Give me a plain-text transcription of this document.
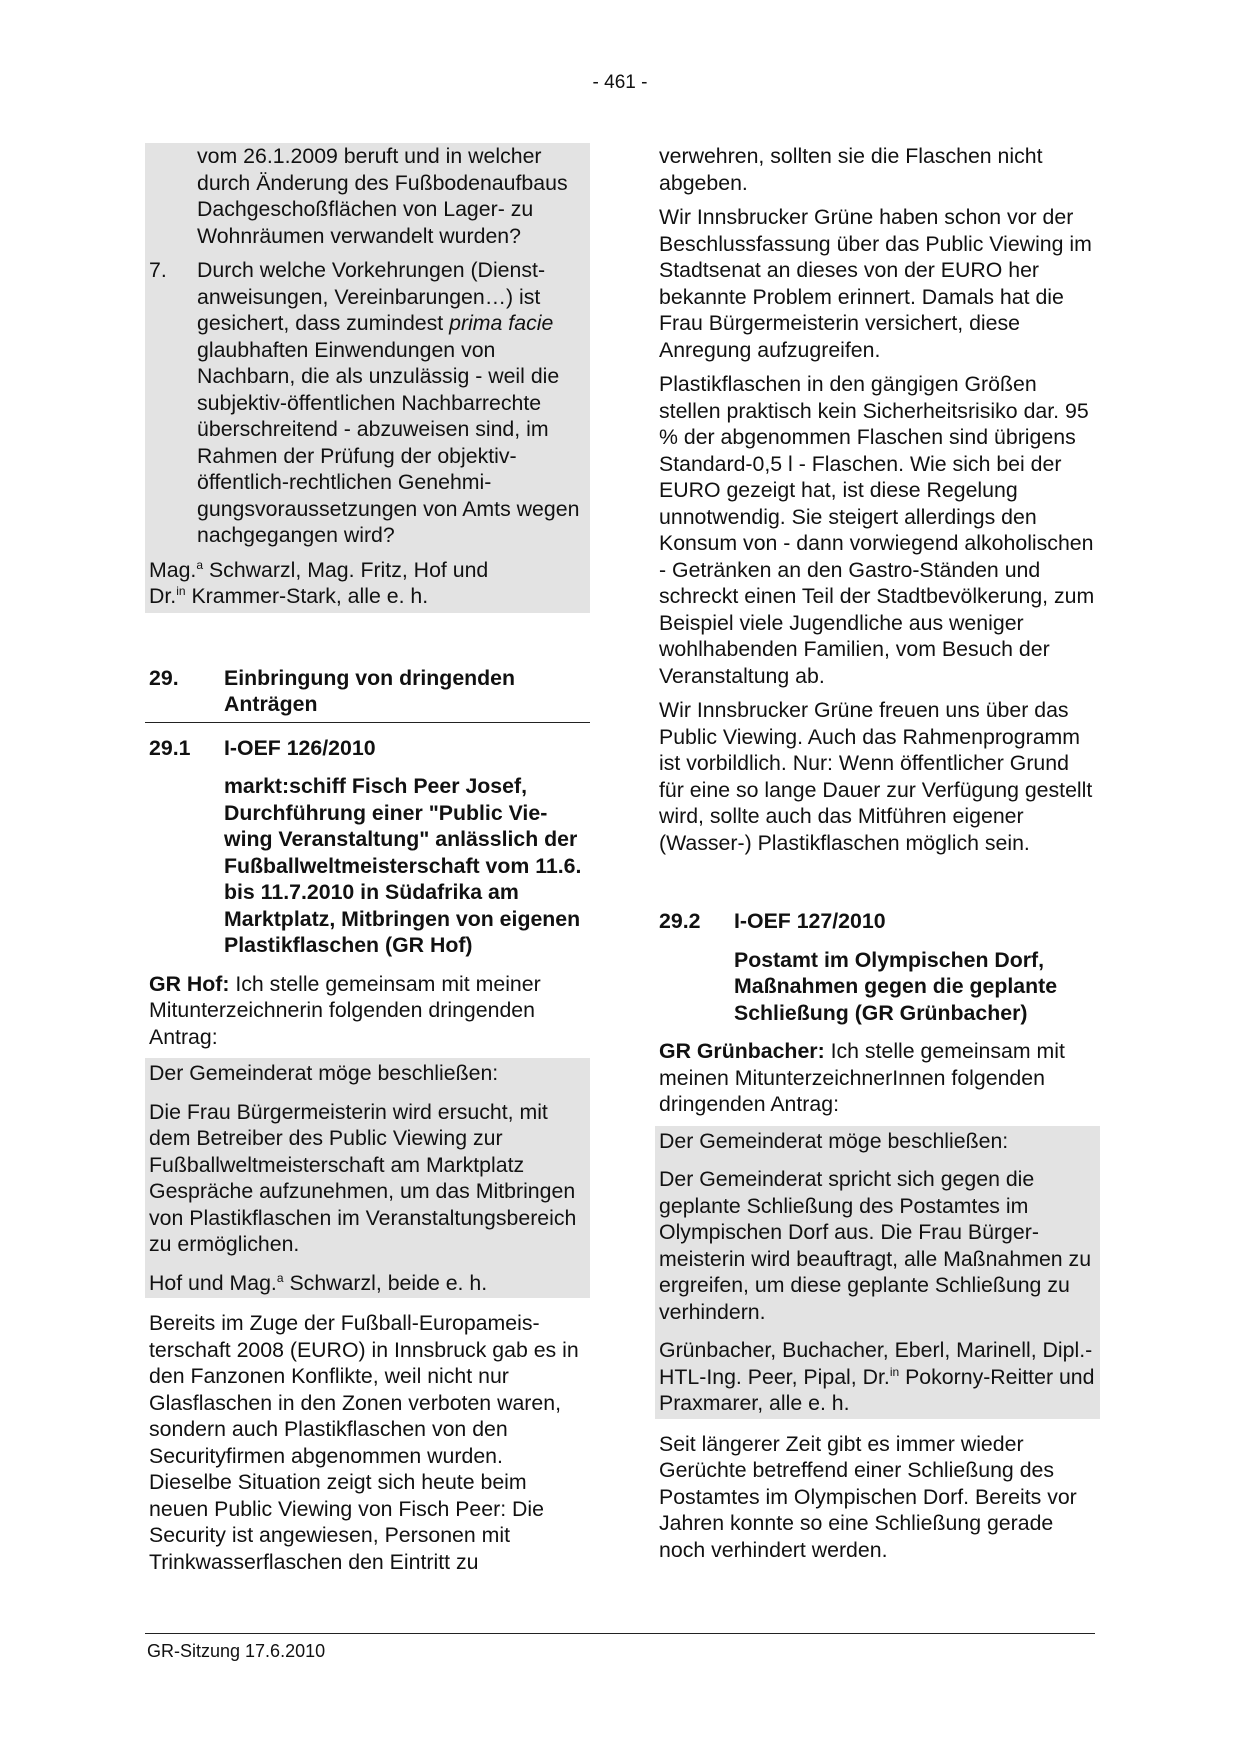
- 461 -

vom 26.1.2009 beruft und in welcher durch Änderung des Fußbodenaufbaus Dachgeschoßflächen von Lager- zu Wohnräumen verwandelt wurden?

7.	Durch welche Vorkehrungen (Dienstanweisungen, Vereinbarungen…) ist gesichert, dass zumindest prima facie glaubhaften Einwendungen von Nachbarn, die als unzulässig - weil die subjektiv-öffentlichen Nachbarrechte überschreitend - abzuweisen sind, im Rahmen der Prüfung der objektiv-öffentlich-rechtlichen Genehmigungsvoraussetzungen von Amts wegen nachgegangen wird?

Mag.$^a$ Schwarzl, Mag. Fritz, Hof und
Dr.$^{in}$ Krammer-Stark, alle e. h.

29.	Einbringung von dringenden Anträgen
29.1	I-OEF 126/2010

markt:schiff Fisch Peer Josef, Durchführung einer "Public Viewing Veranstaltung" anlässlich der Fußballweltmeisterschaft vom 11.6. bis 11.7.2010 in Südafrika am Marktplatz, Mitbringen von eigenen Plastikflaschen (GR Hof)

GR Hof: Ich stelle gemeinsam mit meiner Mitunterzeichnerin folgenden dringenden Antrag:

Der Gemeinderat möge beschließen:

Die Frau Bürgermeisterin wird ersucht, mit dem Betreiber des Public Viewing zur Fußballweltmeisterschaft am Marktplatz Gespräche aufzunehmen, um das Mitbringen von Plastikflaschen im Veranstaltungsbereich zu ermöglichen.

Hof und Mag.$^a$ Schwarzl, beide e. h.

Bereits im Zuge der Fußball-Europameisterschaft 2008 (EURO) in Innsbruck gab es in den Fanzonen Konflikte, weil nicht nur Glasflaschen in den Zonen verboten waren, sondern auch Plastikflaschen von den Securityfirmen abgenommen wurden. Dieselbe Situation zeigt sich heute beim neuen Public Viewing von Fisch Peer: Die Security ist angewiesen, Personen mit Trinkwasserflaschen den Eintritt zu

verwehren, sollten sie die Flaschen nicht abgeben.

Wir Innsbrucker Grüne haben schon vor der Beschlussfassung über das Public Viewing im Stadtsenat an dieses von der EURO her bekannte Problem erinnert. Damals hat die Frau Bürgermeisterin versichert, diese Anregung aufzugreifen.

Plastikflaschen in den gängigen Größen stellen praktisch kein Sicherheitsrisiko dar. 95 % der abgenommen Flaschen sind übrigens Standard-0,5 l - Flaschen. Wie sich bei der EURO gezeigt hat, ist diese Regelung unnotwendig. Sie steigert allerdings den Konsum von - dann vorwiegend alkoholischen - Getränken an den Gastro-Ständen und schreckt einen Teil der Stadtbevölkerung, zum Beispiel viele Jugendliche aus weniger wohlhabenden Familien, vom Besuch der Veranstaltung ab.

Wir Innsbrucker Grüne freuen uns über das Public Viewing. Auch das Rahmenprogramm ist vorbildlich. Nur: Wenn öffentlicher Grund für eine so lange Dauer zur Verfügung gestellt wird, sollte auch das Mitführen eigener (Wasser-) Plastikflaschen möglich sein.

29.2	I-OEF 127/2010

Postamt im Olympischen Dorf, Maßnahmen gegen die geplante Schließung (GR Grünbacher)

GR Grünbacher: Ich stelle gemeinsam mit meinen MitunterzeichnerInnen folgenden dringenden Antrag:

Der Gemeinderat möge beschließen:

Der Gemeinderat spricht sich gegen die geplante Schließung des Postamtes im Olympischen Dorf aus. Die Frau Bürgermeisterin wird beauftragt, alle Maßnahmen zu ergreifen, um diese geplante Schließung zu verhindern.

Grünbacher, Buchacher, Eberl, Marinell, Dipl.-HTL-Ing. Peer, Pipal, Dr.$^{in}$ Pokorny-Reitter und Praxmarer, alle e. h.

Seit längerer Zeit gibt es immer wieder Gerüchte betreffend einer Schließung des Postamtes im Olympischen Dorf. Bereits vor Jahren konnte so eine Schließung gerade noch verhindert werden.

GR-Sitzung 17.6.2010
